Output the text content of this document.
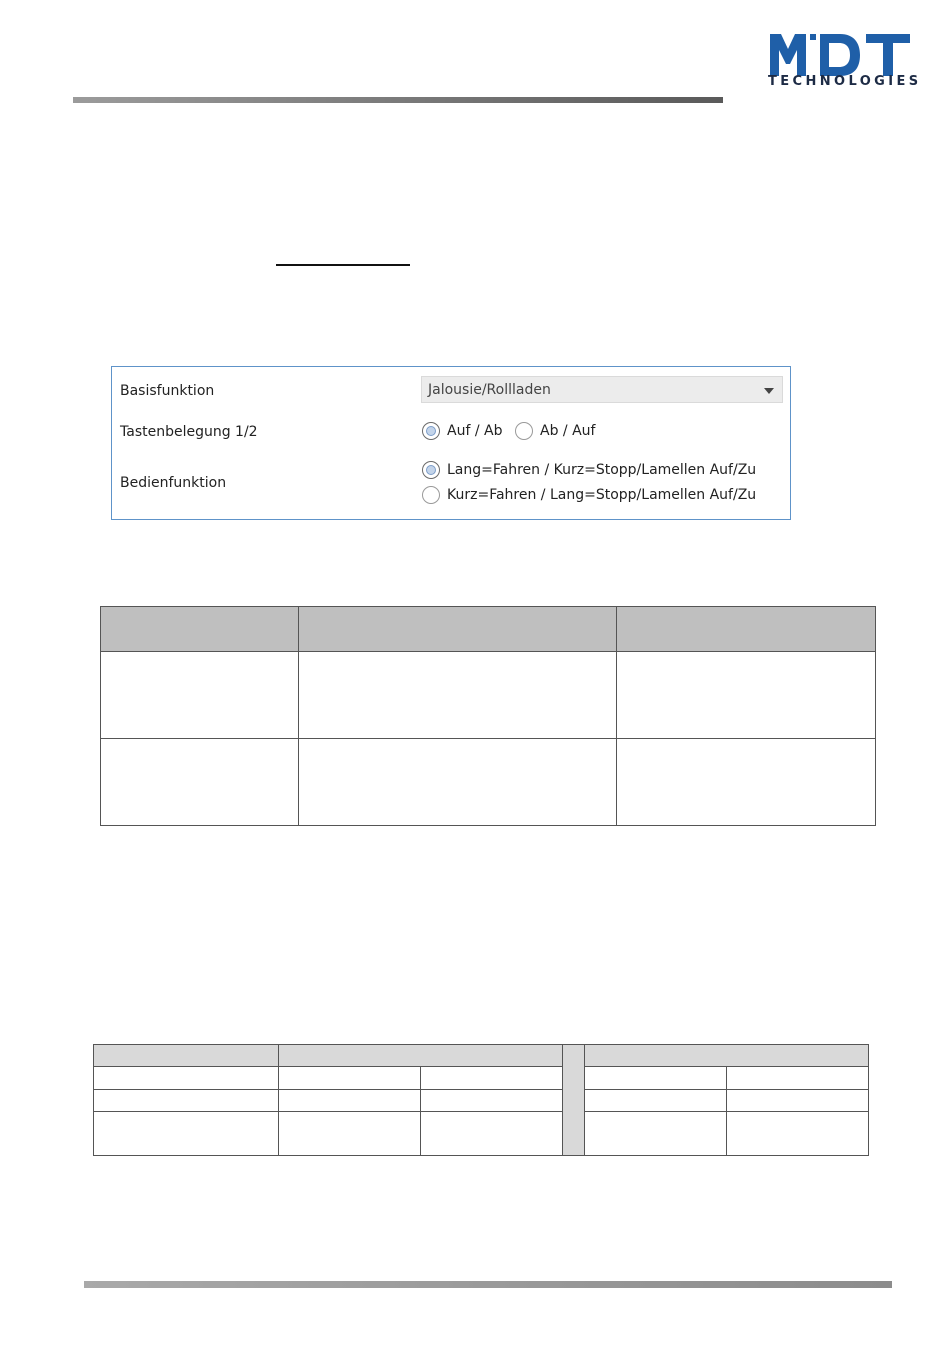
TECHNOLOGIES
Basisfunktion	Jalousie/Rollladen
Tastenbelegung 1/2	Auf / Ab	Ab / Auf
Bedienfunktion
Lang=Fahren / Kurz=Stopp/Lamellen Auf/Zu
Kurz=Fahren / Lang=Stopp/Lamellen Auf/Zu
